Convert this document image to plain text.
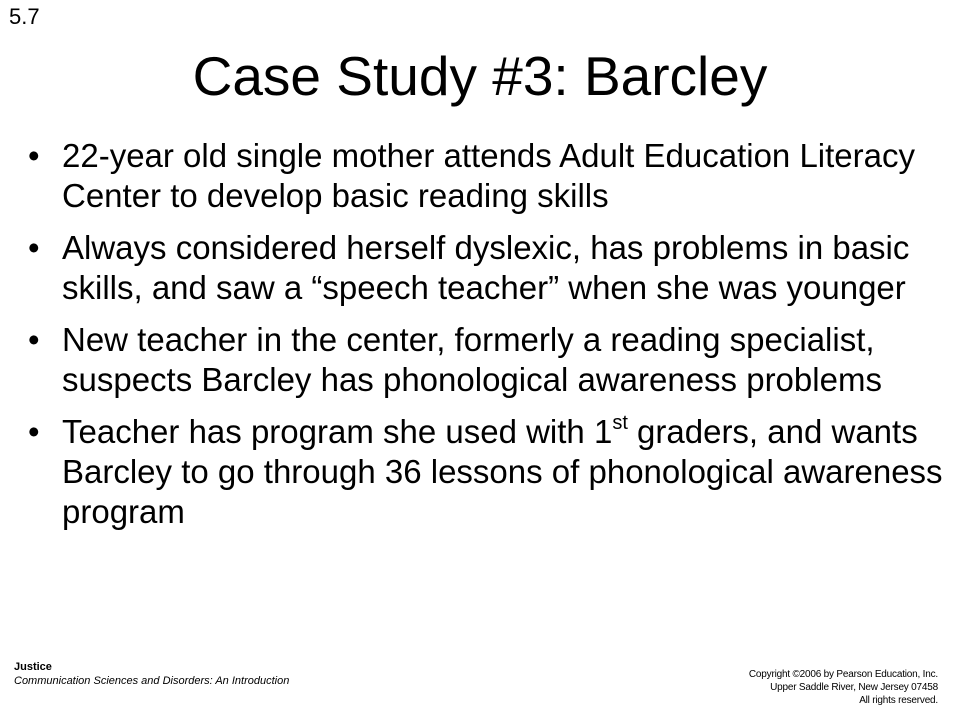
5.7
Case Study #3: Barcley
• 22-year old single mother attends Adult Education Literacy Center to develop basic reading skills
• Always considered herself dyslexic, has problems in basic skills, and saw a “speech teacher” when she was younger
• New teacher in the center, formerly a reading specialist, suspects Barcley has phonological awareness problems
• Teacher has program she used with 1st graders, and wants Barcley to go through 36 lessons of phonological awareness program
Justice
Communication Sciences and Disorders: An Introduction
Copyright ©2006 by Pearson Education, Inc.
Upper Saddle River, New Jersey 07458
All rights reserved.
